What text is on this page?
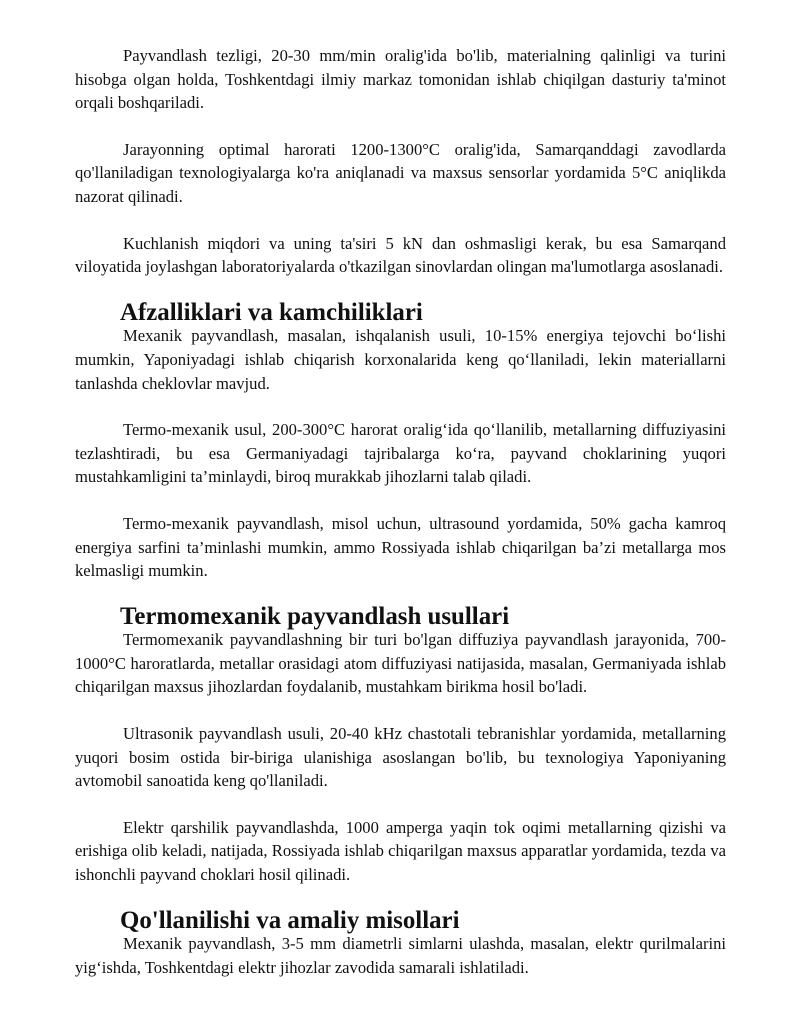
Payvandlash tezligi, 20-30 mm/min oralig'ida bo'lib, materialning qalinligi va turini hisobga olgan holda, Toshkentdagi ilmiy markaz tomonidan ishlab chiqilgan dasturiy ta'minot orqali boshqariladi.

Jarayonning optimal harorati 1200-1300°C oralig'ida, Samarqanddagi zavodlarda qo'llaniladigan texnologiyalarga ko'ra aniqlanadi va maxsus sensorlar yordamida 5°C aniqlikda nazorat qilinadi.

Kuchlanish miqdori va uning ta'siri 5 kN dan oshmasligi kerak, bu esa Samarqand viloyatida joylashgan laboratoriyalarda o'tkazilgan sinovlardan olingan ma'lumotlarga asoslanadi.

Afzalliklari va kamchiliklari

Mexanik payvandlash, masalan, ishqalanish usuli, 10-15% energiya tejovchi bo‘lishi mumkin, Yaponiyadagi ishlab chiqarish korxonalarida keng qo‘llaniladi, lekin materiallarni tanlashda cheklovlar mavjud.

Termo-mexanik usul, 200-300°C harorat oralig‘ida qo‘llanilib, metallarning diffuziyasini tezlashtiradi, bu esa Germaniyadagi tajribalarga ko‘ra, payvand choklarining yuqori mustahkamligini ta’minlaydi, biroq murakkab jihozlarni talab qiladi.

Termo-mexanik payvandlash, misol uchun, ultrasound yordamida, 50% gacha kamroq energiya sarfini ta’minlashi mumkin, ammo Rossiyada ishlab chiqarilgan ba’zi metallarga mos kelmasligi mumkin.

Termomexanik payvandlash usullari

Termomexanik payvandlashning bir turi bo'lgan diffuziya payvandlash jarayonida, 700-1000°C haroratlarda, metallar orasidagi atom diffuziyasi natijasida, masalan, Germaniyada ishlab chiqarilgan maxsus jihozlardan foydalanib, mustahkam birikma hosil bo'ladi.

Ultrasonik payvandlash usuli, 20-40 kHz chastotali tebranishlar yordamida, metallarning yuqori bosim ostida bir-biriga ulanishiga asoslangan bo'lib, bu texnologiya Yaponiyaning avtomobil sanoatida keng qo'llaniladi.

Elektr qarshilik payvandlashda, 1000 amperga yaqin tok oqimi metallarning qizishi va erishiga olib keladi, natijada, Rossiyada ishlab chiqarilgan maxsus apparatlar yordamida, tezda va ishonchli payvand choklari hosil qilinadi.

Qo'llanilishi va amaliy misollari

Mexanik payvandlash, 3-5 mm diametrli simlarni ulashda, masalan, elektr qurilmalarini yig‘ishda, Toshkentdagi elektr jihozlar zavodida samarali ishlatiladi.
